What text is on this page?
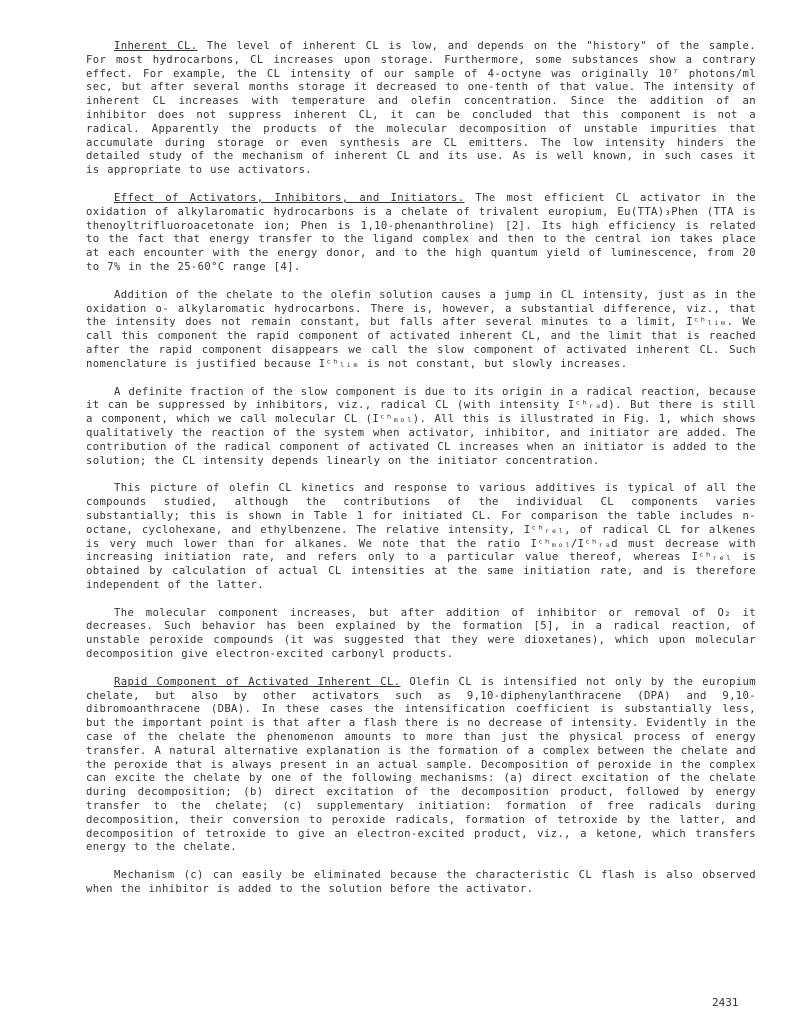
Inherent CL. The level of inherent CL is low, and depends on the "history" of the sample. For most hydrocarbons, CL increases upon storage. Furthermore, some substances show a contrary effect. For example, the CL intensity of our sample of 4-octyne was originally 10⁷ photons/ml sec, but after several months storage it decreased to one-tenth of that value. The intensity of inherent CL increases with temperature and olefin concentration. Since the addition of an inhibitor does not suppress inherent CL, it can be concluded that this component is not a radical. Apparently the products of the molecular decomposition of unstable impurities that accumulate during storage or even synthesis are CL emitters. The low intensity hinders the detailed study of the mechanism of inherent CL and its use. As is well known, in such cases it is appropriate to use activators.

Effect of Activators, Inhibitors, and Initiators. The most efficient CL activator in the oxidation of alkylaromatic hydrocarbons is a chelate of trivalent europium, Eu(TTA)₃Phen (TTA is thenoyltrifluoroacetonate ion; Phen is 1,10-phenanthroline) [2]. Its high efficiency is related to the fact that energy transfer to the ligand complex and then to the central ion takes place at each encounter with the energy donor, and to the high quantum yield of luminescence, from 20 to 7% in the 25-60°C range [4].

Addition of the chelate to the olefin solution causes a jump in CL intensity, just as in the oxidation o- alkylaromatic hydrocarbons. There is, however, a substantial difference, viz., that the intensity does not remain constant, but falls after several minutes to a limit, Iᶜʰₗᵢₘ. We call this component the rapid component of activated inherent CL, and the limit that is reached after the rapid component disappears we call the slow component of activated inherent CL. Such nomenclature is justified because Iᶜʰₗᵢₘ is not constant, but slowly increases.

A definite fraction of the slow component is due to its origin in a radical reaction, because it can be suppressed by inhibitors, viz., radical CL (with intensity Iᶜʰᵣₐd). But there is still a component, which we call molecular CL (Iᶜʰₘₒₗ). All this is illustrated in Fig. 1, which shows qualitatively the reaction of the system when activator, inhibitor, and initiator are added. The contribution of the radical component of activated CL increases when an initiator is added to the solution; the CL intensity depends linearly on the initiator concentration.

This picture of olefin CL kinetics and response to various additives is typical of all the compounds studied, although the contributions of the individual CL components varies substantially; this is shown in Table 1 for initiated CL. For comparison the table includes n-octane, cyclohexane, and ethylbenzene. The relative intensity, Iᶜʰᵣₑₗ, of radical CL for alkenes is very much lower than for alkanes. We note that the ratio Iᶜʰₘₒₗ/Iᶜʰᵣₐd must decrease with increasing initiation rate, and refers only to a particular value thereof, whereas Iᶜʰᵣₑₗ is obtained by calculation of actual CL intensities at the same initiation rate, and is therefore independent of the latter.

The molecular component increases, but after addition of inhibitor or removal of O₂ it decreases. Such behavior has been explained by the formation [5], in a radical reaction, of unstable peroxide compounds (it was suggested that they were dioxetanes), which upon molecular decomposition give electron-excited carbonyl products.

Rapid Component of Activated Inherent CL. Olefin CL is intensified not only by the europium chelate, but also by other activators such as 9,10-diphenylanthracene (DPA) and 9,10-dibromoanthracene (DBA). In these cases the intensification coefficient is substantially less, but the important point is that after a flash there is no decrease of intensity. Evidently in the case of the chelate the phenomenon amounts to more than just the physical process of energy transfer. A natural alternative explanation is the formation of a complex between the chelate and the peroxide that is always present in an actual sample. Decomposition of peroxide in the complex can excite the chelate by one of the following mechanisms: (a) direct excitation of the chelate during decomposition; (b) direct excitation of the decomposition product, followed by energy transfer to the chelate; (c) supplementary initiation: formation of free radicals during decomposition, their conversion to peroxide radicals, formation of tetroxide by the latter, and decomposition of tetroxide to give an electron-excited product, viz., a ketone, which transfers energy to the chelate.

Mechanism (c) can easily be eliminated because the characteristic CL flash is also observed when the inhibitor is added to the solution before the activator.

2431
